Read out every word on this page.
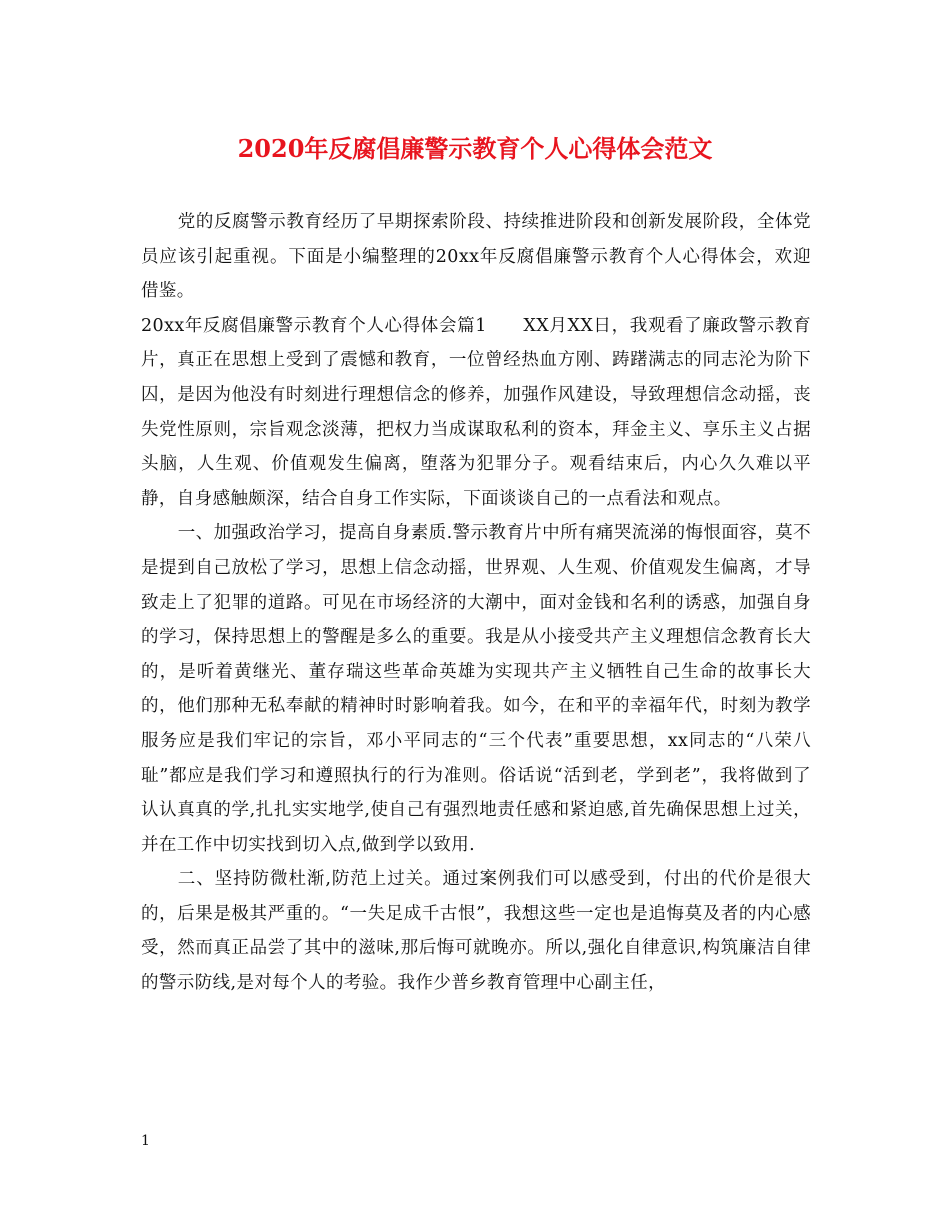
2020年反腐倡廉警示教育个人心得体会范文

党的反腐警示教育经历了早期探索阶段、持续推进阶段和创新发展阶段，全体党员应该引起重视。下面是小编整理的20xx年反腐倡廉警示教育个人心得体会，欢迎借鉴。

20xx年反腐倡廉警示教育个人心得体会篇1　　XX月XX日，我观看了廉政警示教育片，真正在思想上受到了震憾和教育，一位曾经热血方刚、踌躇满志的同志沦为阶下囚，是因为他没有时刻进行理想信念的修养，加强作风建设，导致理想信念动摇，丧失党性原则，宗旨观念淡薄，把权力当成谋取私利的资本，拜金主义、享乐主义占据头脑，人生观、价值观发生偏离，堕落为犯罪分子。观看结束后，内心久久难以平静，自身感触颇深，结合自身工作实际，下面谈谈自己的一点看法和观点。

一、加强政治学习，提高自身素质.警示教育片中所有痛哭流涕的悔恨面容，莫不是提到自己放松了学习，思想上信念动摇，世界观、人生观、价值观发生偏离，才导致走上了犯罪的道路。可见在市场经济的大潮中，面对金钱和名利的诱惑，加强自身的学习，保持思想上的警醒是多么的重要。我是从小接受共产主义理想信念教育长大的，是听着黄继光、董存瑞这些革命英雄为实现共产主义牺牲自己生命的故事长大的，他们那种无私奉献的精神时时影响着我。如今，在和平的幸福年代，时刻为教学服务应是我们牢记的宗旨，邓小平同志的“三个代表”重要思想，xx同志的“八荣八耻”都应是我们学习和遵照执行的行为准则。俗话说“活到老，学到老”，我将做到了认认真真的学,扎扎实实地学,使自己有强烈地责任感和紧迫感,首先确保思想上过关，并在工作中切实找到切入点,做到学以致用.

二、坚持防微杜渐,防范上过关。通过案例我们可以感受到，付出的代价是很大的，后果是极其严重的。“一失足成千古恨”，我想这些一定也是追悔莫及者的内心感受，然而真正品尝了其中的滋味,那后悔可就晚亦。所以,强化自律意识,构筑廉洁自律的警示防线,是对每个人的考验。我作少普乡教育管理中心副主任，

1
